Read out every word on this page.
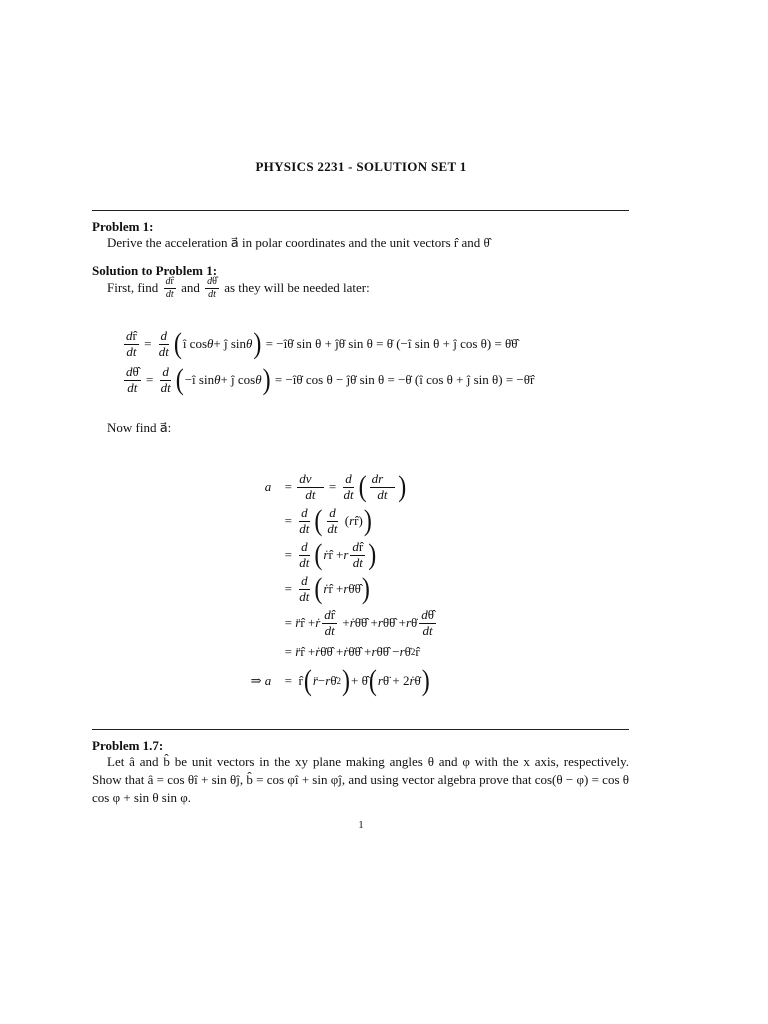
PHYSICS 2231 - SOLUTION SET 1
Problem 1:
Derive the acceleration a⃗ in polar coordinates and the unit vectors r̂ and θ̂
Solution to Problem 1:
First, find
$\frac{dr̂}{dt}$
and
$\frac{d\thetâ}{dt}$
as they will be needed later:
$\frac{dr̂}{dt} = \frac{d}{dt}$ ( î cos θ + ĵ sin θ )
= −îθ̇ sin θ + ĵθ̇ sin θ = θ̇ (−î sin θ + ĵ cos θ) = θ̇θ̂
$\frac{d\thetâ}{dt} = \frac{d}{dt}$ ( −î sin θ + ĵ cos θ )
= −îθ̇ cos θ − ĵθ̇ sin θ = −θ̇ (î cos θ + ĵ sin θ) = −θ̇r̂
Now find a⃗:
a⃗ =
$\frac{dv⃗}{dt} = \frac{d}{dt}$ ( $\frac{dr⃗}{dt}$ )
=
$\frac{d}{dt}$ ( $\frac{d}{dt}$ ( r r̂) )
=
$\frac{d}{dt}$ ( ṙ r̂ + r $\frac{dr̂}{dt}$ )
=
$\frac{d}{dt}$ ( ṙ r̂ + r θ̇θ̂ )
=
r̈ r̂ + ṙ $\frac{dr̂}{dt}$ + ṙ θ̇θ̂ + r θ̈θ̂ + r θ̇ $\frac{d\thetâ}{dt}$
=
r̈ r̂ + ṙ θ̇θ̂ + ṙ θ̇θ̂ + r θ̈θ̂ − r θ̇ 2 r̂
⇒ a⃗ = r̂ ( r̈ − r θ̇ 2 ) + θ̂ ( r θ̈ + 2 ṙ θ̇ )
Problem 1.7:
Let â and b̂ be unit vectors in the xy plane making angles θ and φ with the x axis, respectively. Show that â = cos θî + sin θĵ, b̂ = cos φî + sin φĵ, and using vector algebra prove that cos(θ − φ) = cos θ cos φ + sin θ sin φ.
1
